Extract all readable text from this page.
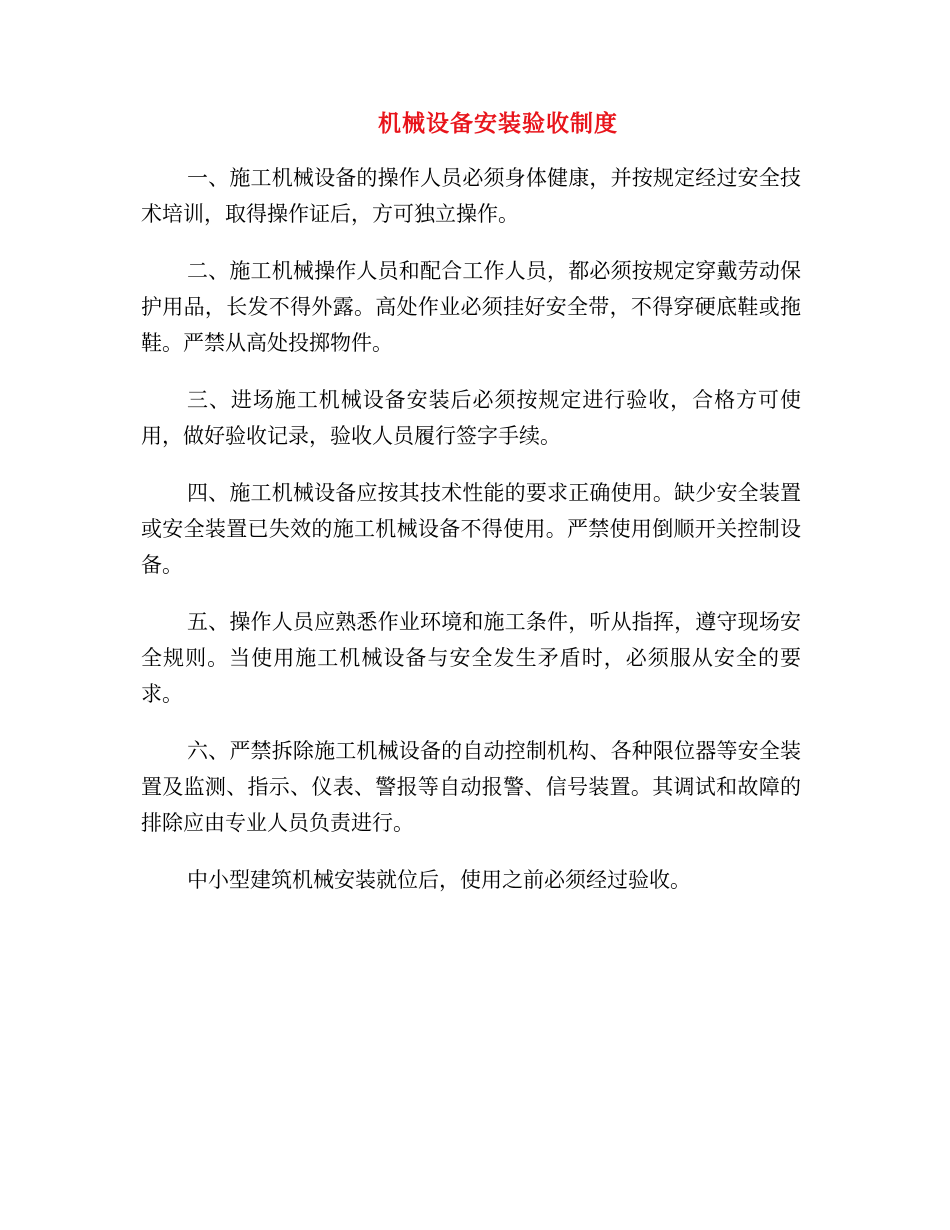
机械设备安装验收制度

一、施工机械设备的操作人员必须身体健康，并按规定经过安全技术培训，取得操作证后，方可独立操作。

二、施工机械操作人员和配合工作人员，都必须按规定穿戴劳动保护用品，长发不得外露。高处作业必须挂好安全带，不得穿硬底鞋或拖鞋。严禁从高处投掷物件。

三、进场施工机械设备安装后必须按规定进行验收，合格方可使用，做好验收记录，验收人员履行签字手续。

四、施工机械设备应按其技术性能的要求正确使用。缺少安全装置或安全装置已失效的施工机械设备不得使用。严禁使用倒顺开关控制设备。

五、操作人员应熟悉作业环境和施工条件，听从指挥，遵守现场安全规则。当使用施工机械设备与安全发生矛盾时，必须服从安全的要求。

六、严禁拆除施工机械设备的自动控制机构、各种限位器等安全装置及监测、指示、仪表、警报等自动报警、信号装置。其调试和故障的排除应由专业人员负责进行。

中小型建筑机械安装就位后，使用之前必须经过验收。
